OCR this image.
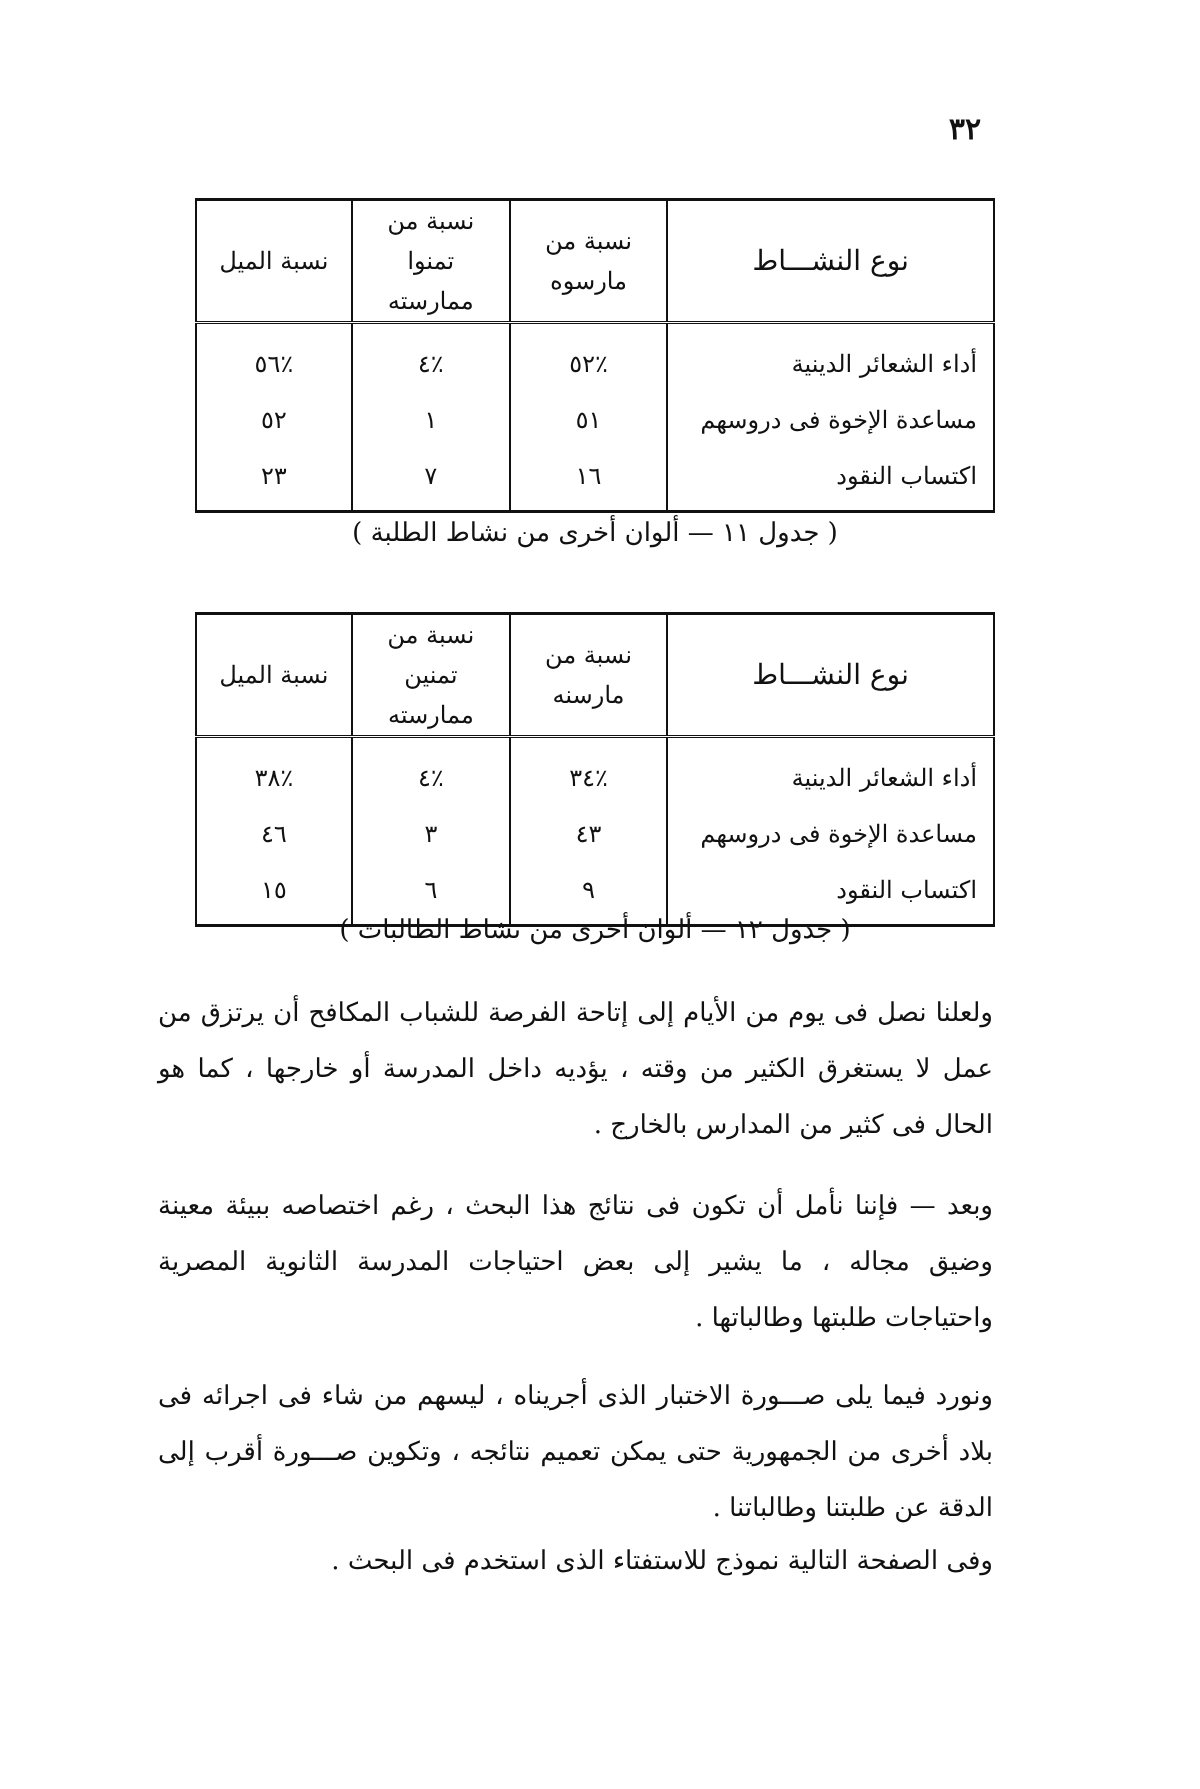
٣٢
نوع النشـــاط	نسبة من مارسوه	نسبة من تمنوا ممارسته	نسبة الميل
أداء الشعائر الدينية	٪٥٢	٪٤	٪٥٦
مساعدة الإخوة فى دروسهم	٥١	١	٥٢
اكتساب النقود	١٦	٧	٢٣
( جدول ١١ — ألوان أخرى من نشاط الطلبة )
نوع النشـــاط	نسبة من مارسنه	نسبة من تمنين ممارسته	نسبة الميل
أداء الشعائر الدينية	٪٣٤	٪٤	٪٣٨
مساعدة الإخوة فى دروسهم	٤٣	٣	٤٦
اكتساب النقود	٩	٦	١٥
( جدول ١٢ — ألوان أخرى من نشاط الطالبات )

ولعلنا نصل فى يوم من الأيام إلى إتاحة الفرصة للشباب المكافح أن يرتزق من عمل لا يستغرق الكثير من وقته ، يؤديه داخل المدرسة أو خارجها ، كما هو الحال فى كثير من المدارس بالخارج .

وبعد — فإننا نأمل أن تكون فى نتائج هذا البحث ، رغم اختصاصه ببيئة معينة وضيق مجاله ، ما يشير إلى بعض احتياجات المدرسة الثانوية المصرية واحتياجات طلبتها وطالباتها .

ونورد فيما يلى صـــورة الاختبار الذى أجريناه ، ليسهم من شاء فى اجرائه فى بلاد أخرى من الجمهورية حتى يمكن تعميم نتائجه ، وتكوين صـــورة أقرب إلى الدقة عن طلبتنا وطالباتنا .

وفى الصفحة التالية نموذج للاستفتاء الذى استخدم فى البحث .
